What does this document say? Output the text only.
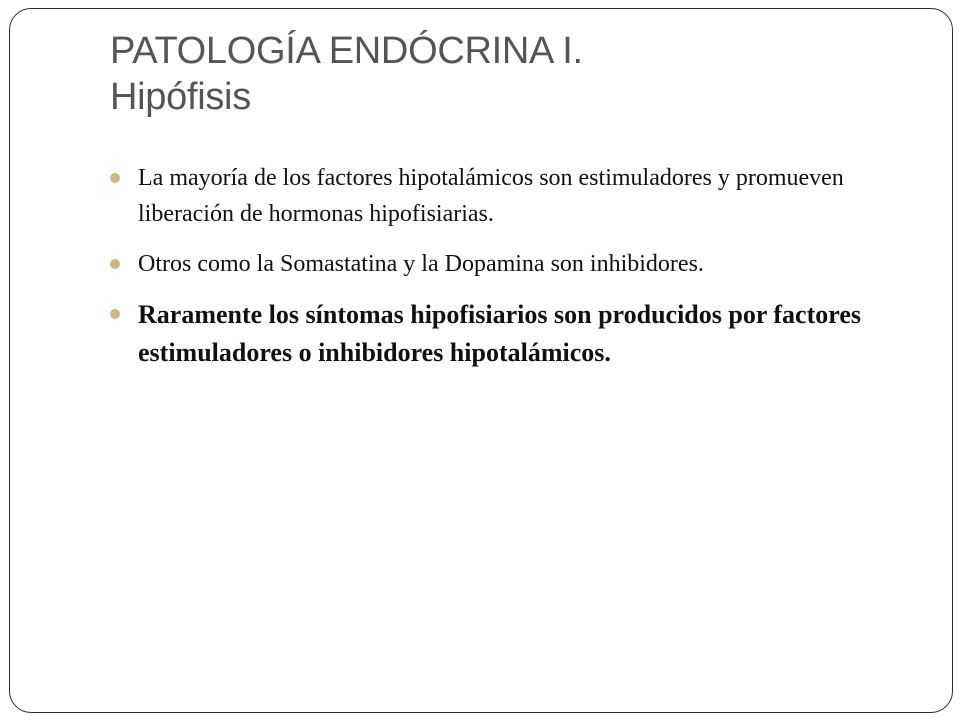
PATOLOGÍA ENDÓCRINA I.
Hipófisis
La mayoría de los factores hipotalámicos son estimuladores y promueven liberación de hormonas hipofisiarias.
Otros como la Somastatina y la Dopamina son inhibidores.
Raramente los síntomas hipofisiarios son producidos por factores estimuladores o inhibidores hipotalámicos.
